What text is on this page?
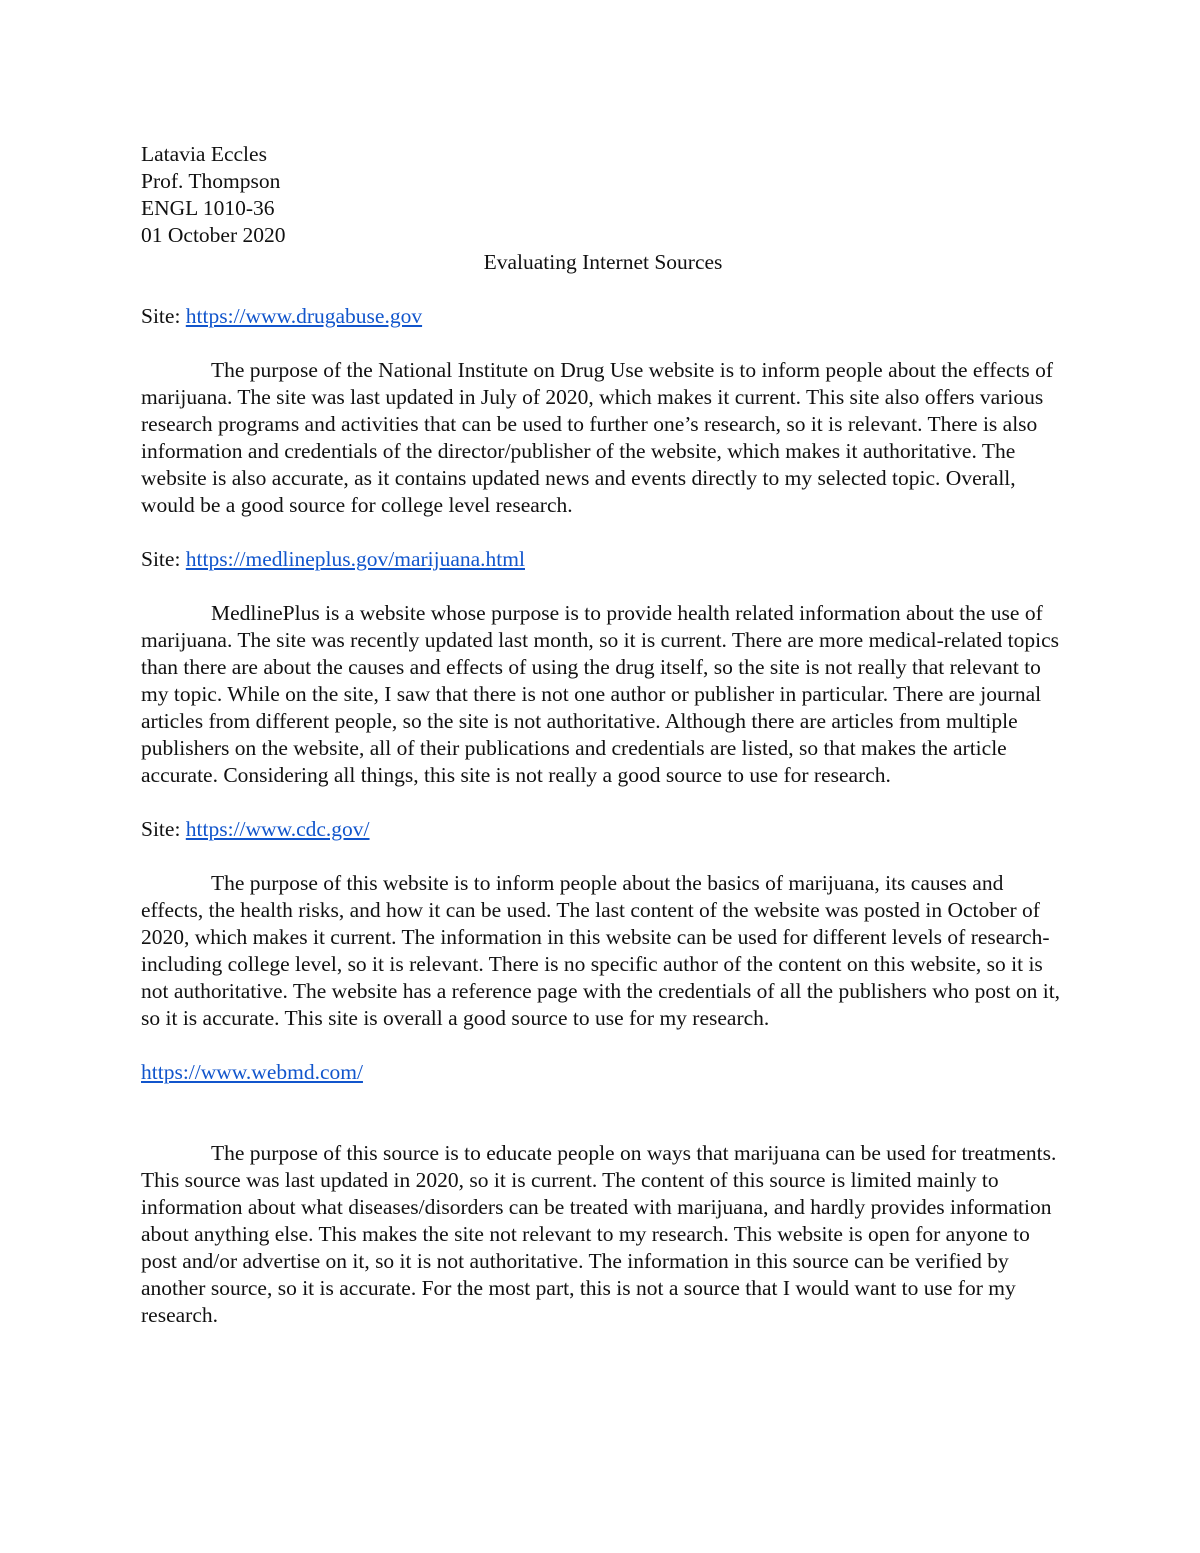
Latavia Eccles

Prof. Thompson

ENGL 1010-36

01 October 2020

Evaluating Internet Sources

Site: https://www.drugabuse.gov

The purpose of the National Institute on Drug Use website is to inform people about the effects of marijuana. The site was last updated in July of 2020, which makes it current. This site also offers various research programs and activities that can be used to further one’s research, so it is relevant. There is also information and credentials of the director/publisher of the website, which makes it authoritative. The website is also accurate, as it contains updated news and events directly to my selected topic. Overall, would be a good source for college level research.

Site: https://medlineplus.gov/marijuana.html

MedlinePlus is a website whose purpose is to provide health related information about the use of marijuana. The site was recently updated last month, so it is current. There are more medical-related topics than there are about the causes and effects of using the drug itself, so the site is not really that relevant to my topic. While on the site, I saw that there is not one author or publisher in particular. There are journal articles from different people, so the site is not authoritative. Although there are articles from multiple publishers on the website, all of their publications and credentials are listed, so that makes the article accurate. Considering all things, this site is not really a good source to use for research.

Site: https://www.cdc.gov/

The purpose of this website is to inform people about the basics of marijuana, its causes and effects, the health risks, and how it can be used. The last content of the website was posted in October of 2020, which makes it current. The information in this website can be used for different levels of research-including college level, so it is relevant. There is no specific author of the content on this website, so it is not authoritative. The website has a reference page with the credentials of all the publishers who post on it, so it is accurate. This site is overall a good source to use for my research.

https://www.webmd.com/

The purpose of this source is to educate people on ways that marijuana can be used for treatments. This source was last updated in 2020, so it is current. The content of this source is limited mainly to information about what diseases/disorders can be treated with marijuana, and hardly provides information about anything else. This makes the site not relevant to my research. This website is open for anyone to post and/or advertise on it, so it is not authoritative. The information in this source can be verified by another source, so it is accurate. For the most part, this is not a source that I would want to use for my research.
